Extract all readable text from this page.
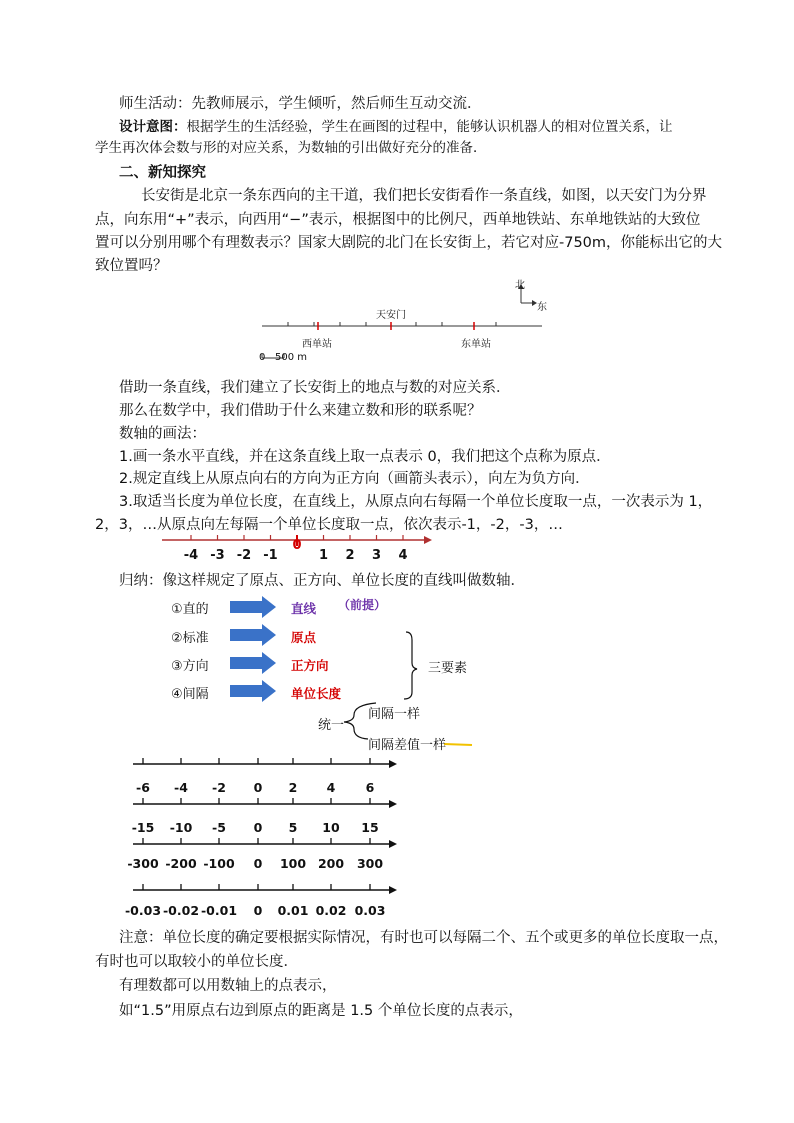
师生活动：先教师展示，学生倾听，然后师生互动交流．
设计意图：根据学生的生活经验，学生在画图的过程中，能够认识机器人的相对位置关系，让
学生再次体会数与形的对应关系，为数轴的引出做好充分的准备．
二、新知探究
长安街是北京一条东西向的主干道，我们把长安街看作一条直线，如图，以天安门为分界
点，向东用“+”表示，向西用“−”表示，根据图中的比例尺，西单地铁站、东单地铁站的大致位
置可以分别用哪个有理数表示？国家大剧院的北门在长安街上，若它对应-750m，你能标出它的大
致位置吗？
北
东
天安门
西单站	东单站
0 500 m
借助一条直线，我们建立了长安街上的地点与数的对应关系．
那么在数学中，我们借助于什么来建立数和形的联系呢？
数轴的画法：
1.画一条水平直线，并在这条直线上取一点表示 0，我们把这个点称为原点．
2.规定直线上从原点向右的方向为正方向（画箭头表示），向左为负方向．
3.取适当长度为单位长度，在直线上，从原点向右每隔一个单位长度取一点，一次表示为 1，
2，3，…从原点向左每隔一个单位长度取一点，依次表示-1，-2，-3，…
-4 -3 -2 -1
0
1 2 3 4
归纳：像这样规定了原点、正方向、单位长度的直线叫做数轴．
①直的	直线
②标准	原点
③方向	正方向
④间隔	单位长度
（前提）
三要素
统一
间隔一样
间隔差值一样
-6	-4	-2	0	2	4	6
-15	-10	-5	0	5	10	15
-300 -200 -100	0	100 200	300
-0.03 -0.02 -0.01	0	0.01 0.02 0.03
注意：单位长度的确定要根据实际情况，有时也可以每隔二个、五个或更多的单位长度取一点，
有时也可以取较小的单位长度．
有理数都可以用数轴上的点表示，
如“1.5”用原点右边到原点的距离是 1.5 个单位长度的点表示，
